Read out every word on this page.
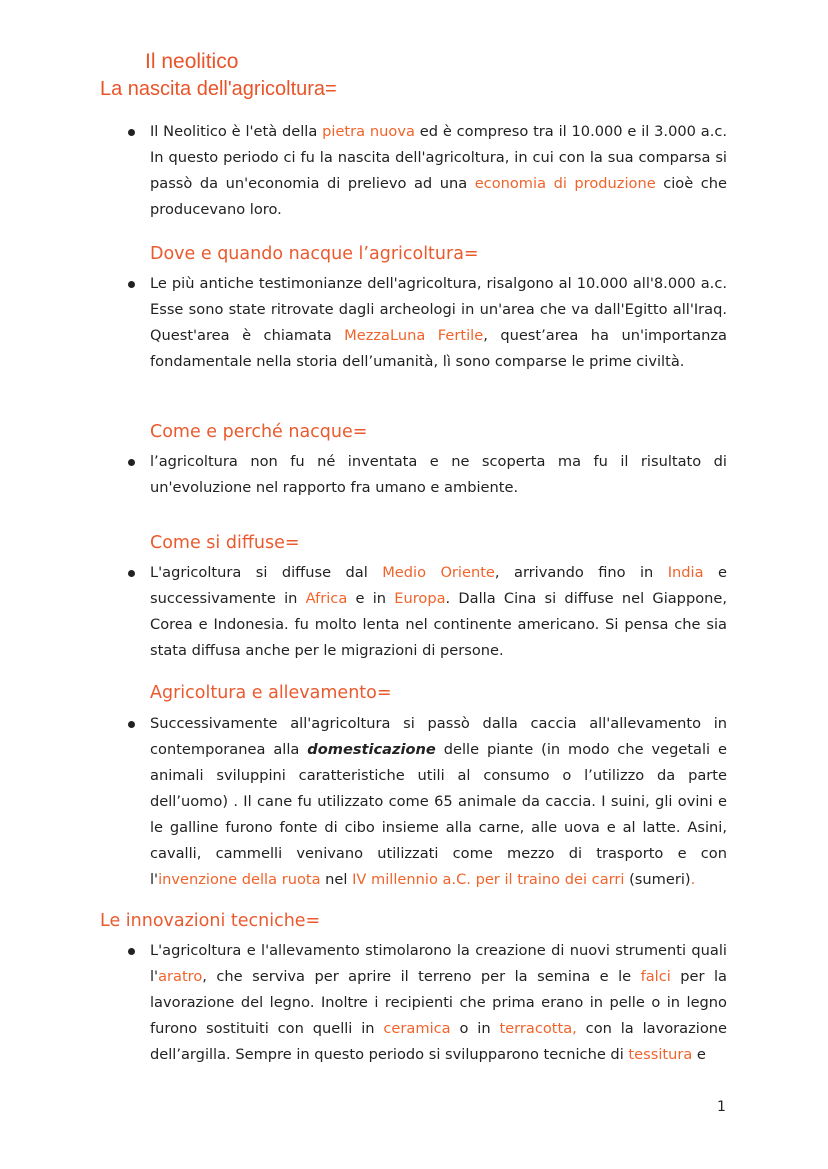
Il neolitico
La nascita dell'agricoltura=
Il Neolitico è l'età della pietra nuova ed è compreso tra il 10.000 e il 3.000 a.c. In questo periodo ci fu la nascita dell'agricoltura, in cui con la sua comparsa si passò da un'economia di prelievo ad una economia di produzione cioè che producevano loro.
Dove e quando nacque l’agricoltura=
Le più antiche testimonianze dell'agricoltura, risalgono al 10.000 all'8.000 a.c. Esse sono state ritrovate dagli archeologi in un'area che va dall'Egitto all'Iraq. Quest'area è chiamata MezzaLuna Fertile, quest’area ha un'importanza fondamentale nella storia dell’umanità, lì sono comparse le prime civiltà.
Come e perché nacque=
l’agricoltura non fu né inventata e ne scoperta ma fu il risultato di un'evoluzione nel rapporto fra umano e ambiente.
Come si diffuse=
L'agricoltura si diffuse dal Medio Oriente, arrivando fino in India e successivamente in Africa e in Europa. Dalla Cina si diffuse nel Giappone, Corea e Indonesia. fu molto lenta nel continente americano. Si pensa che sia stata diffusa anche per le migrazioni di persone.
Agricoltura e allevamento=
Successivamente all'agricoltura si passò dalla caccia all'allevamento in contemporanea alla domesticazione delle piante (in modo che vegetali e animali sviluppini caratteristiche utili al consumo o l’utilizzo da parte dell’uomo) . Il cane fu utilizzato come 65 animale da caccia. I suini, gli ovini e le galline furono fonte di cibo insieme alla carne, alle uova e al latte. Asini, cavalli, cammelli venivano utilizzati come mezzo di trasporto e con l'invenzione della ruota nel IV millennio a.C. per il traino dei carri (sumeri).
Le innovazioni tecniche=
L'agricoltura e l'allevamento stimolarono la creazione di nuovi strumenti quali l'aratro, che serviva per aprire il terreno per la semina e le falci per la lavorazione del legno. Inoltre i recipienti che prima erano in pelle o in legno furono sostituiti con quelli in ceramica o in terracotta, con la lavorazione dell’argilla. Sempre in questo periodo si svilupparono tecniche di tessitura e
1
